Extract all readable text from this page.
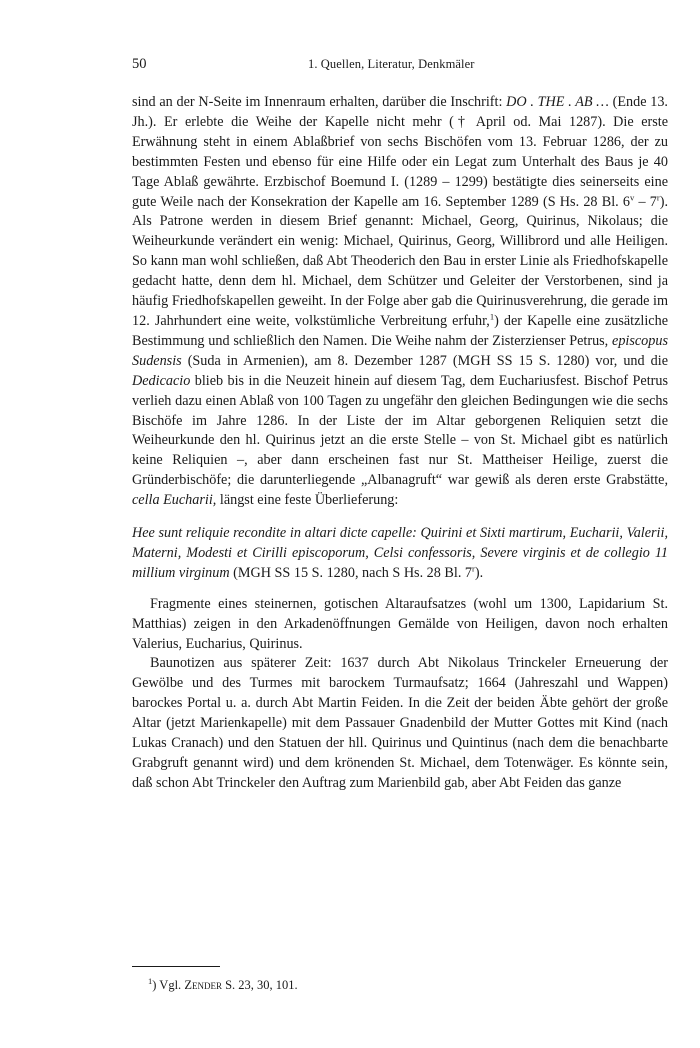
50	1. Quellen, Literatur, Denkmäler

sind an der N-Seite im Innenraum erhalten, darüber die Inschrift: DO . THE . AB … (Ende 13. Jh.). Er erlebte die Weihe der Kapelle nicht mehr († April od. Mai 1287). Die erste Erwähnung steht in einem Ablaßbrief von sechs Bischöfen vom 13. Februar 1286, der zu bestimmten Festen und ebenso für eine Hilfe oder ein Legat zum Unterhalt des Baus je 40 Tage Ablaß gewährte. Erzbischof Boemund I. (1289 – 1299) bestätigte dies seinerseits eine gute Weile nach der Konsekration der Kapelle am 16. September 1289 (S Hs. 28 Bl. 6$^v$ – 7$^r$). Als Patrone werden in diesem Brief genannt: Michael, Georg, Quirinus, Nikolaus; die Weiheurkunde verändert ein wenig: Michael, Quirinus, Georg, Willibrord und alle Heiligen. So kann man wohl schließen, daß Abt Theoderich den Bau in erster Linie als Friedhofskapelle gedacht hatte, denn dem hl. Michael, dem Schützer und Geleiter der Verstorbenen, sind ja häufig Friedhofskapellen geweiht. In der Folge aber gab die Quirinusverehrung, die gerade im 12. Jahrhundert eine weite, volkstümliche Verbreitung erfuhr,$^1$) der Kapelle eine zusätzliche Bestimmung und schließlich den Namen. Die Weihe nahm der Zisterzienser Petrus, episcopus Sudensis (Suda in Armenien), am 8. Dezember 1287 (MGH SS 15 S. 1280) vor, und die Dedicacio blieb bis in die Neuzeit hinein auf diesem Tag, dem Euchariusfest. Bischof Petrus verlieh dazu einen Ablaß von 100 Tagen zu ungefähr den gleichen Bedingungen wie die sechs Bischöfe im Jahre 1286. In der Liste der im Altar geborgenen Reliquien setzt die Weiheurkunde den hl. Quirinus jetzt an die erste Stelle – von St. Michael gibt es natürlich keine Reliquien –, aber dann erscheinen fast nur St. Mattheiser Heilige, zuerst die Gründerbischöfe; die darunterliegende „Albanagruft“ war gewiß als deren erste Grabstätte, cella Eucharii, längst eine feste Überlieferung:

Hee sunt reliquie recondite in altari dicte capelle: Quirini et Sixti martirum, Eucharii, Valerii, Materni, Modesti et Cirilli episcoporum, Celsi confessoris, Severe virginis et de collegio 11 millium virginum (MGH SS 15 S. 1280, nach S Hs. 28 Bl. 7$^r$).

Fragmente eines steinernen, gotischen Altaraufsatzes (wohl um 1300, Lapidarium St. Matthias) zeigen in den Arkadenöffnungen Gemälde von Heiligen, davon noch erhalten Valerius, Eucharius, Quirinus.

Baunotizen aus späterer Zeit: 1637 durch Abt Nikolaus Trinckeler Erneuerung der Gewölbe und des Turmes mit barockem Turmaufsatz; 1664 (Jahreszahl und Wappen) barockes Portal u. a. durch Abt Martin Feiden. In die Zeit der beiden Äbte gehört der große Altar (jetzt Marienkapelle) mit dem Passauer Gnadenbild der Mutter Gottes mit Kind (nach Lukas Cranach) und den Statuen der hll. Quirinus und Quintinus (nach dem die benachbarte Grabgruft genannt wird) und dem krönenden St. Michael, dem Totenwäger. Es könnte sein, daß schon Abt Trinckeler den Auftrag zum Marienbild gab, aber Abt Feiden das ganze

$^1$) Vgl. Zender S. 23, 30, 101.
